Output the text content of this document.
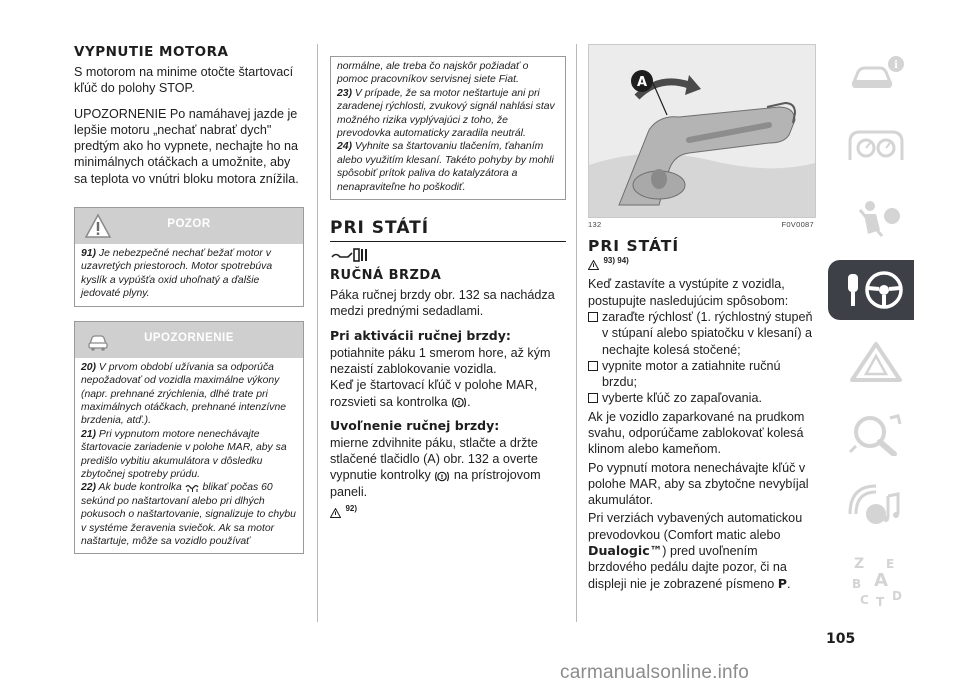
VYPNUTIE MOTORA

S motorom na minime otočte štartovací kľúč do polohy STOP.

UPOZORNENIE Po namáhavej jazde je lepšie motoru „nechať nabrať dych" predtým ako ho vypnete, nechajte ho na minimálnych otáčkach a umožnite, aby sa teplota vo vnútri bloku motora znížila.

POZOR
91) Je nebezpečné nechať bežať motor v uzavretých priestoroch. Motor spotrebúva kyslík a vypúšťa oxid uhoľnatý a ďalšie jedovaté plyny.
UPOZORNENIE
20) V prvom období užívania sa odporúča nepožadovať od vozidla maximálne výkony (napr. prehnané zrýchlenia, dlhé trate pri maximálnych otáčkach, prehnané intenzívne brzdenia, atď.).
21) Pri vypnutom motore nenechávajte štartovacie zariadenie v polohe MAR, aby sa predišlo vybitiu akumulátora v dôsledku zbytočnej spotreby prúdu.
22) Ak bude kontrolka blikať počas 60 sekúnd po naštartovaní alebo pri dlhých pokusoch o naštartovanie, signalizuje to chybu v systéme žeravenia sviečok. Ak sa motor naštartuje, môže sa vozidlo používať
normálne, ale treba čo najskôr požiadať o pomoc pracovníkov servisnej siete Fiat.
23) V prípade, že sa motor neštartuje ani pri zaradenej rýchlosti, zvukový signál nahlási stav možného rizika vyplývajúci z toho, že prevodovka automaticky zaradila neutrál.
24) Vyhnite sa štartovaniu tlačením, ťahaním alebo využitím klesaní. Takéto pohyby by mohli spôsobiť prítok paliva do katalyzátora a nenapraviteľne ho poškodiť.
PRI STÁTÍ
RUČNÁ BRZDA

Páka ručnej brzdy obr. 132 sa nachádza medzi prednými sedadlami.

Pri aktivácii ručnej brzdy:

potiahnite páku 1 smerom hore, až kým nezaistí zablokovanie vozidla.

Keď je štartovací kľúč v polohe MAR, rozsvieti sa kontrolka ! .

Uvoľnenie ručnej brzdy:

mierne zdvihnite páku, stlačte a držte stlačené tlačidlo (A) obr. 132 a overte vypnutie kontrolky ! na prístrojovom paneli.

$^{92)}$
A
132	F0V0087
PRI STÁTÍ
$^{93) 94)}$

Keď zastavíte a vystúpite z vozidla, postupujte nasledujúcim spôsobom:

zaraďte rýchlosť (1. rýchlostný stupeň v stúpaní alebo spiatočku v klesaní) a nechajte kolesá stočené;
vypnite motor a zatiahnite ručnú brzdu;
vyberte kľúč zo zapaľovania.

Ak je vozidlo zaparkované na prudkom svahu, odporúčame zablokovať kolesá klinom alebo kameňom.

Po vypnutí motora nenechávajte kľúč v polohe MAR, aby sa zbytočne nevybíjal akumulátor.

Pri verziách vybavených automatickou prevodovkou (Comfort matic alebo Dualogic™) pred uvoľnením brzdového pedálu dajte pozor, či na displeji nie je zobrazené písmeno P.

i
Z E
B A
C T D
105
carmanualsonline.info
